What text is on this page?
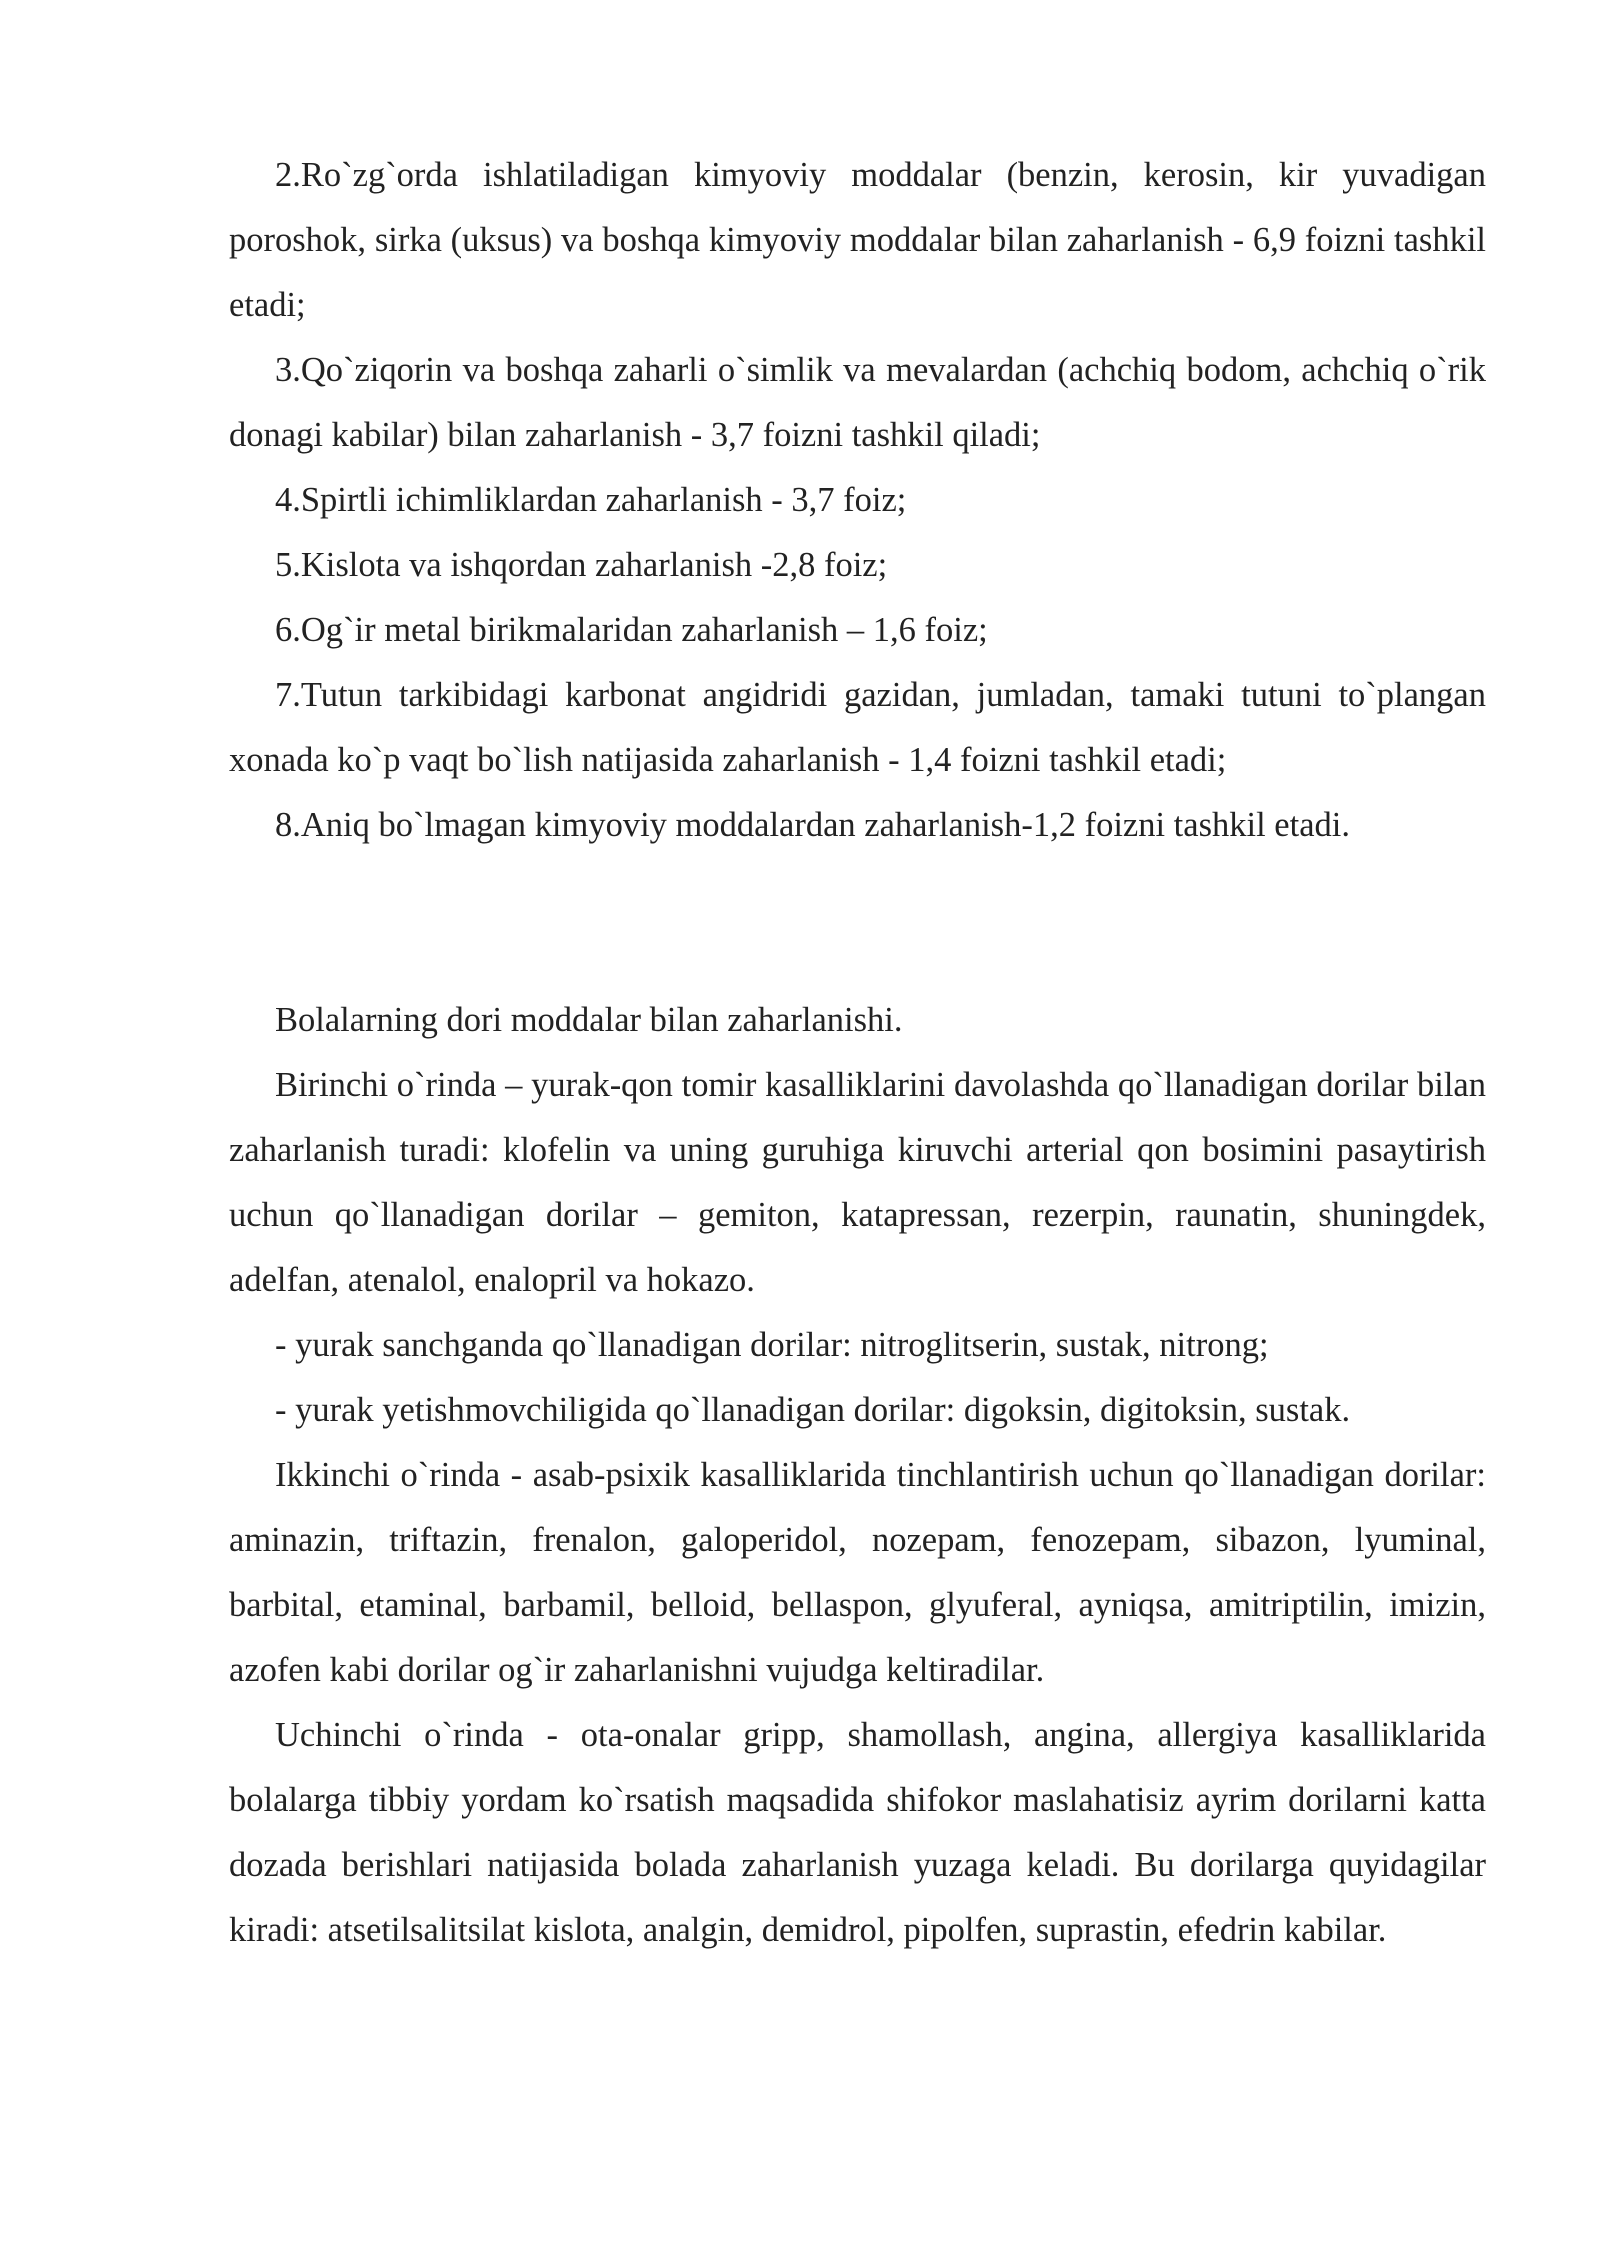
2.Ro`zg`orda ishlatiladigan kimyoviy moddalar (benzin, kerosin, kir yuvadigan poroshok, sirka (uksus) va boshqa kimyoviy moddalar bilan zaharlanish - 6,9 foizni tashkil etadi;

3.Qo`ziqorin va boshqa zaharli o`simlik va mevalardan (achchiq bodom, achchiq o`rik donagi kabilar) bilan zaharlanish - 3,7 foizni tashkil qiladi;

4.Spirtli ichimliklardan zaharlanish - 3,7 foiz;

5.Kislota va ishqordan zaharlanish -2,8 foiz;

6.Og`ir metal birikmalaridan zaharlanish – 1,6 foiz;

7.Tutun tarkibidagi karbonat angidridi gazidan, jumladan, tamaki tutuni to`plangan xonada ko`p vaqt bo`lish natijasida zaharlanish - 1,4 foizni tashkil etadi;

8.Aniq bo`lmagan kimyoviy moddalardan zaharlanish-1,2 foizni tashkil etadi.

Bolalarning dori moddalar bilan zaharlanishi.

Birinchi o`rinda – yurak-qon tomir kasalliklarini davolashda qo`llanadigan dorilar bilan zaharlanish turadi: klofelin va uning guruhiga kiruvchi arterial qon bosimini pasaytirish uchun qo`llanadigan dorilar – gemiton, katapressan, rezerpin, raunatin, shuningdek, adelfan, atenalol, enalopril va hokazo.

- yurak sanchganda qo`llanadigan dorilar: nitroglitserin, sustak, nitrong;

- yurak yetishmovchiligida qo`llanadigan dorilar: digoksin, digitoksin, sustak.

Ikkinchi o`rinda - asab-psixik kasalliklarida tinchlantirish uchun qo`llanadigan dorilar: aminazin, triftazin, frenalon, galoperidol, nozepam, fenozepam, sibazon, lyuminal, barbital, etaminal, barbamil, belloid, bellaspon, glyuferal, ayniqsa, amitriptilin, imizin, azofen kabi dorilar og`ir zaharlanishni vujudga keltiradilar.

Uchinchi o`rinda - ota-onalar gripp, shamollash, angina, allergiya kasalliklarida bolalarga tibbiy yordam ko`rsatish maqsadida shifokor maslahatisiz ayrim dorilarni katta dozada berishlari natijasida bolada zaharlanish yuzaga keladi. Bu dorilarga quyidagilar kiradi: atsetilsalitsilat kislota, analgin, demidrol, pipolfen, suprastin, efedrin kabilar.
